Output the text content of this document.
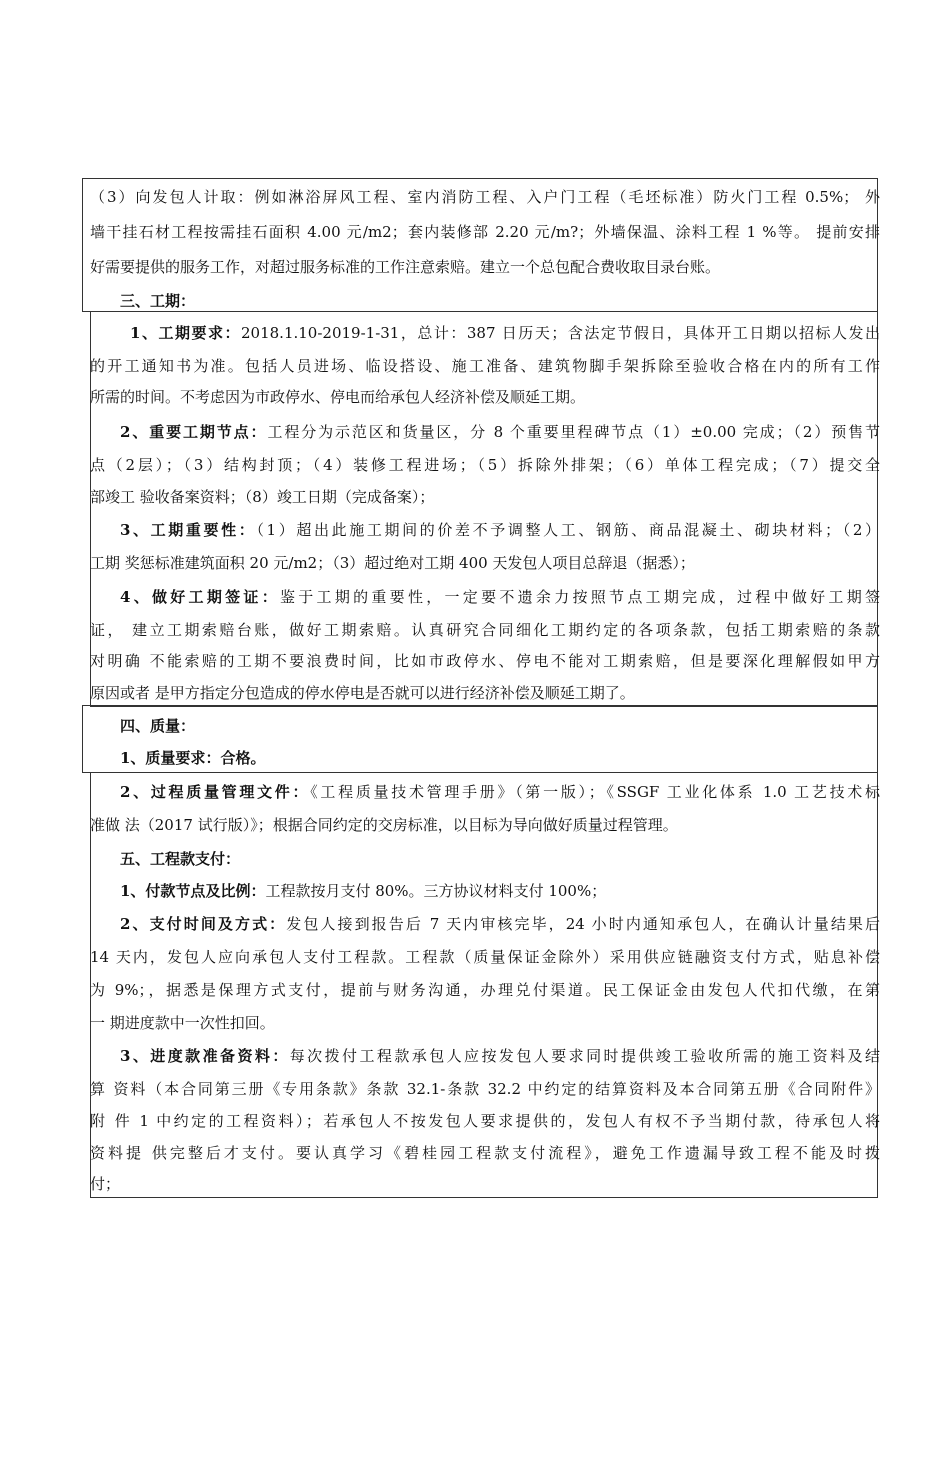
（3）向发包人计取：例如淋浴屏风工程、室内消防工程、入户门工程（毛坯标准）防火门工程 0.5%； 外
墙干挂石材工程按需挂石面积 4.00 元/m2；套内装修部 2.20 元/m?；外墙保温、涂料工程 1 %等。 提前安排
好需要提供的服务工作，对超过服务标准的工作注意索赔。建立一个总包配合费收取目录台账。
三、工期：
1、工期要求：2018.1.10-2019-1-31，总计：387 日历天；含法定节假日，具体开工日期以招标人发出
的开工通知书为准。包括人员进场、临设搭设、施工准备、建筑物脚手架拆除至验收合格在内的所有工作
所需的时间。不考虑因为市政停水、停电而给承包人经济补偿及顺延工期。
2、重要工期节点：工程分为示范区和货量区，分 8 个重要里程碑节点（1）±0.00 完成；（2）预售节
点（2层）；（3）结构封顶；（4）装修工程进场；（5）拆除外排架；（6）单体工程完成；（7）提交全
部竣工 验收备案资料；（8）竣工日期（完成备案）；
3、工期重要性：（1）超出此施工期间的价差不予调整人工、钢筋、商品混凝土、砌块材料；（2）
工期 奖惩标准建筑面积 20 元/m2；（3）超过绝对工期 400 天发包人项目总辞退（据悉）；
4、做好工期签证：鉴于工期的重要性，一定要不遗余力按照节点工期完成，过程中做好工期签
证， 建立工期索赔台账，做好工期索赔。认真研究合同细化工期约定的各项条款，包括工期索赔的条款
对明确 不能索赔的工期不要浪费时间，比如市政停水、停电不能对工期索赔，但是要深化理解假如甲方
原因或者 是甲方指定分包造成的停水停电是否就可以进行经济补偿及顺延工期了。
四、质量：
1、质量要求：合格。
2、过程质量管理文件：《工程质量技术管理手册》（第一版）；《SSGF 工业化体系 1.0 工艺技术标
准做 法（2017 试行版）》；根据合同约定的交房标准，以目标为导向做好质量过程管理。
五、工程款支付：
1、付款节点及比例：工程款按月支付 80%。三方协议材料支付 100%；
2、支付时间及方式：发包人接到报告后 7 天内审核完毕，24 小时内通知承包人，在确认计量结果后
14 天内，发包人应向承包人支付工程款。工程款（质量保证金除外）采用供应链融资支付方式，贴息补偿
为 9%；，据悉是保理方式支付，提前与财务沟通，办理兑付渠道。民工保证金由发包人代扣代缴，在第
一 期进度款中一次性扣回。
3、进度款准备资料：每次拨付工程款承包人应按发包人要求同时提供竣工验收所需的施工资料及结
算 资料（本合同第三册《专用条款》条款 32.1-条款 32.2 中约定的结算资料及本合同第五册《合同附件》
附 件 1 中约定的工程资料）；若承包人不按发包人要求提供的，发包人有权不予当期付款，待承包人将
资料提 供完整后才支付。要认真学习《碧桂园工程款支付流程》，避免工作遗漏导致工程不能及时拨
付；
